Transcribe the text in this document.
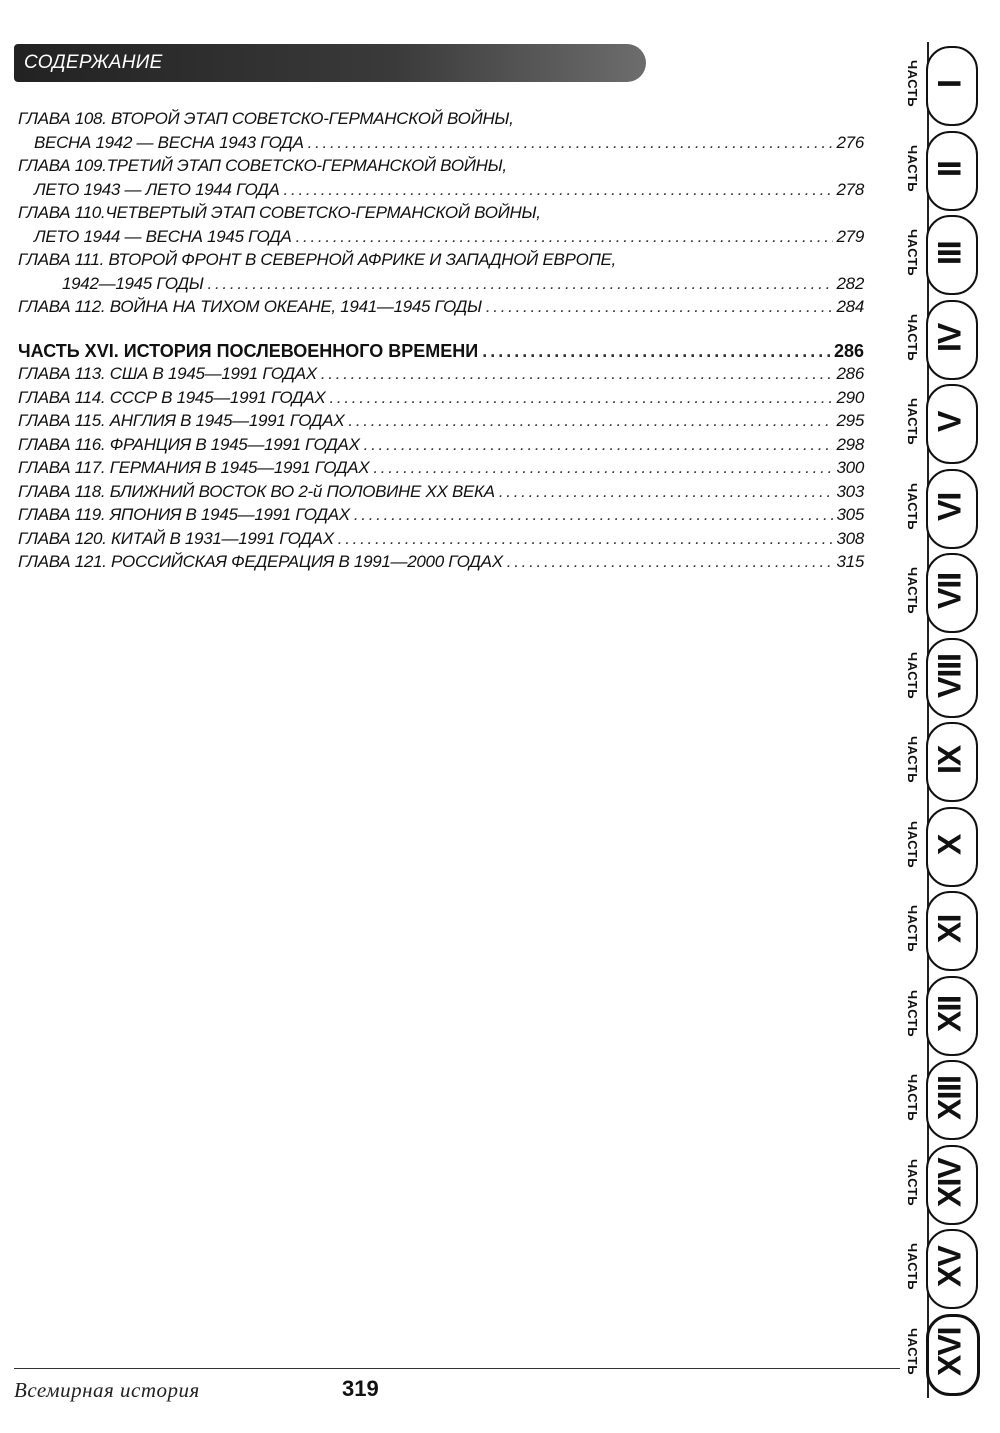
СОДЕРЖАНИЕ
ГЛАВА 108. ВТОРОЙ ЭТАП СОВЕТСКО-ГЕРМАНСКОЙ ВОЙНЫ,
ВЕСНА 1942 — ВЕСНА 1943 ГОДА . . .	276
ГЛАВА 109.ТРЕТИЙ ЭТАП СОВЕТСКО-ГЕРМАНСКОЙ ВОЙНЫ,
ЛЕТО 1943 — ЛЕТО 1944 ГОДА . . .	278
ГЛАВА 110.ЧЕТВЕРТЫЙ ЭТАП СОВЕТСКО-ГЕРМАНСКОЙ ВОЙНЫ,
ЛЕТО 1944 — ВЕСНА 1945 ГОДА . . .	279
ГЛАВА 111. ВТОРОЙ ФРОНТ В СЕВЕРНОЙ АФРИКЕ И ЗАПАДНОЙ ЕВРОПЕ,
1942—1945 ГОДЫ . . .	282
ГЛАВА 112. ВОЙНА НА ТИХОМ ОКЕАНЕ, 1941—1945 ГОДЫ . . .	284
ЧАСТЬ XVI. ИСТОРИЯ ПОСЛЕВОЕННОГО ВРЕМЕНИ . . .	286
ГЛАВА 113. США В 1945—1991 ГОДАХ . . .	286
ГЛАВА 114. СССР В 1945—1991 ГОДАХ . . .	290
ГЛАВА 115. АНГЛИЯ В 1945—1991 ГОДАХ . . .	295
ГЛАВА 116. ФРАНЦИЯ В 1945—1991 ГОДАХ . . .	298
ГЛАВА 117. ГЕРМАНИЯ В 1945—1991 ГОДАХ . . .	300
ГЛАВА 118. БЛИЖНИЙ ВОСТОК ВО 2-й ПОЛОВИНЕ XX ВЕКА . . .	303
ГЛАВА 119. ЯПОНИЯ В 1945—1991 ГОДАХ . . .	305
ГЛАВА 120. КИТАЙ В 1931—1991 ГОДАХ . . .	308
ГЛАВА 121. РОССИЙСКАЯ ФЕДЕРАЦИЯ В 1991—2000 ГОДАХ . . .	315
ЧАСТЬ I
ЧАСТЬ II
ЧАСТЬ III
ЧАСТЬ IV
ЧАСТЬ V
ЧАСТЬ VI
ЧАСТЬ VII
ЧАСТЬ VIII
ЧАСТЬ IX
ЧАСТЬ X
ЧАСТЬ XI
ЧАСТЬ XII
ЧАСТЬ XIII
ЧАСТЬ XIV
ЧАСТЬ XV
ЧАСТЬ XVI
Всемирная история	319
